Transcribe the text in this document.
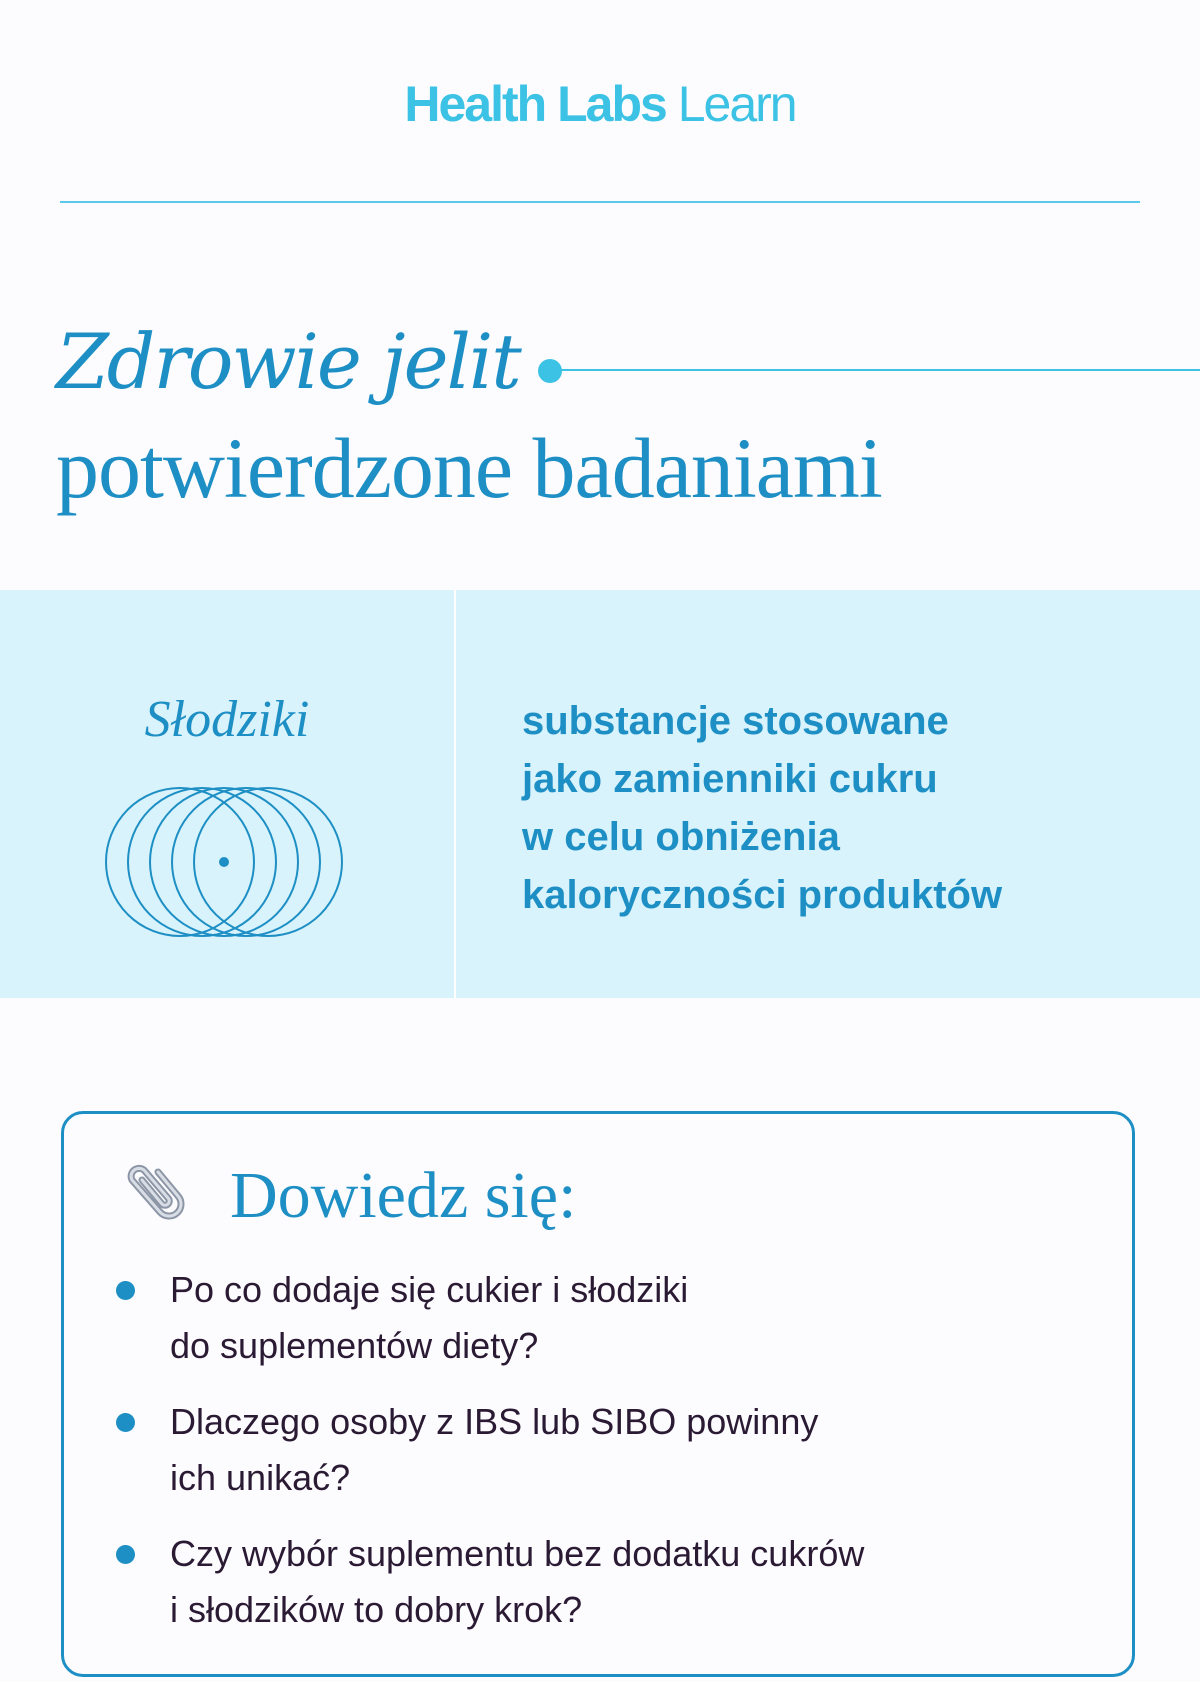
Health Labs Learn
Zdrowie jelit
potwierdzone badaniami
Słodziki	substancje stosowane
jako zamienniki cukru
w celu obniżenia
kaloryczności produktów
Dowiedz się:
Po co dodaje się cukier i słodziki
do suplementów diety?
Dlaczego osoby z IBS lub SIBO powinny
ich unikać?
Czy wybór suplementu bez dodatku cukrów
i słodzików to dobry krok?
